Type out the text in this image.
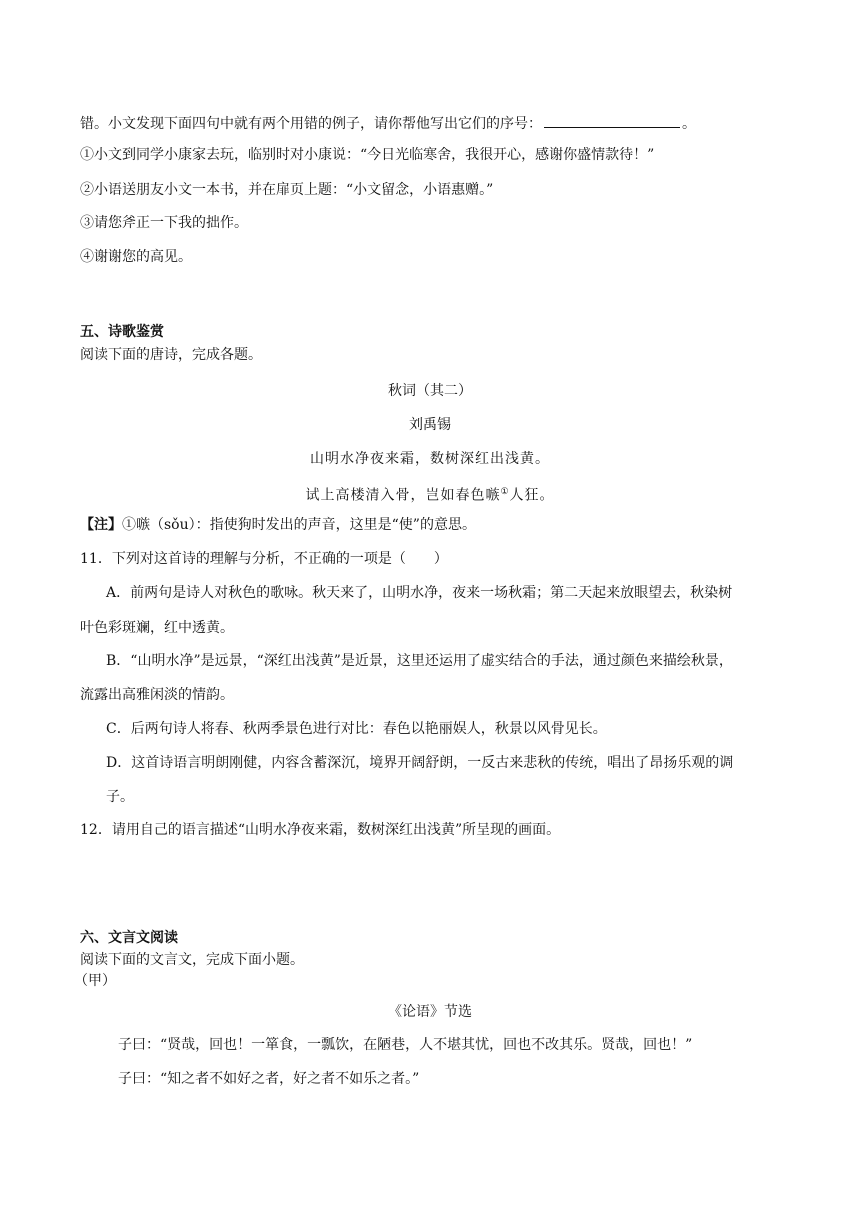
错。小文发现下面四句中就有两个用错的例子，请你帮他写出它们的序号：	。
①小文到同学小康家去玩，临别时对小康说：“今日光临寒舍，我很开心，感谢你盛情款待！”
②小语送朋友小文一本书，并在扉页上题：“小文留念，小语惠赠。”
③请您斧正一下我的拙作。
④谢谢您的高见。
五、诗歌鉴赏
阅读下面的唐诗，完成各题。
秋词（其二）
刘禹锡
山明水净夜来霜，数树深红出浅黄。
试上高楼清入骨，岂如春色嗾①人狂。
【注】①嗾（sǒu）：指使狗时发出的声音，这里是“使”的意思。
11．下列对这首诗的理解与分析，不正确的一项是（　　）
A．前两句是诗人对秋色的歌咏。秋天来了，山明水净，夜来一场秋霜；第二天起来放眼望去，秋染树
叶色彩斑斓，红中透黄。
B．“山明水净”是远景，“深红出浅黄”是近景，这里还运用了虚实结合的手法，通过颜色来描绘秋景，
流露出高雅闲淡的情韵。
C．后两句诗人将春、秋两季景色进行对比：春色以艳丽娱人，秋景以风骨见长。
D．这首诗语言明朗刚健，内容含蓄深沉，境界开阔舒朗，一反古来悲秋的传统，唱出了昂扬乐观的调
子。
12．请用自己的语言描述“山明水净夜来霜，数树深红出浅黄”所呈现的画面。
六、文言文阅读
阅读下面的文言文，完成下面小题。
（甲）
《论语》节选
子曰：“贤哉，回也！一箪食，一瓢饮，在陋巷，人不堪其忧，回也不改其乐。贤哉，回也！”
子曰：“知之者不如好之者，好之者不如乐之者。”
